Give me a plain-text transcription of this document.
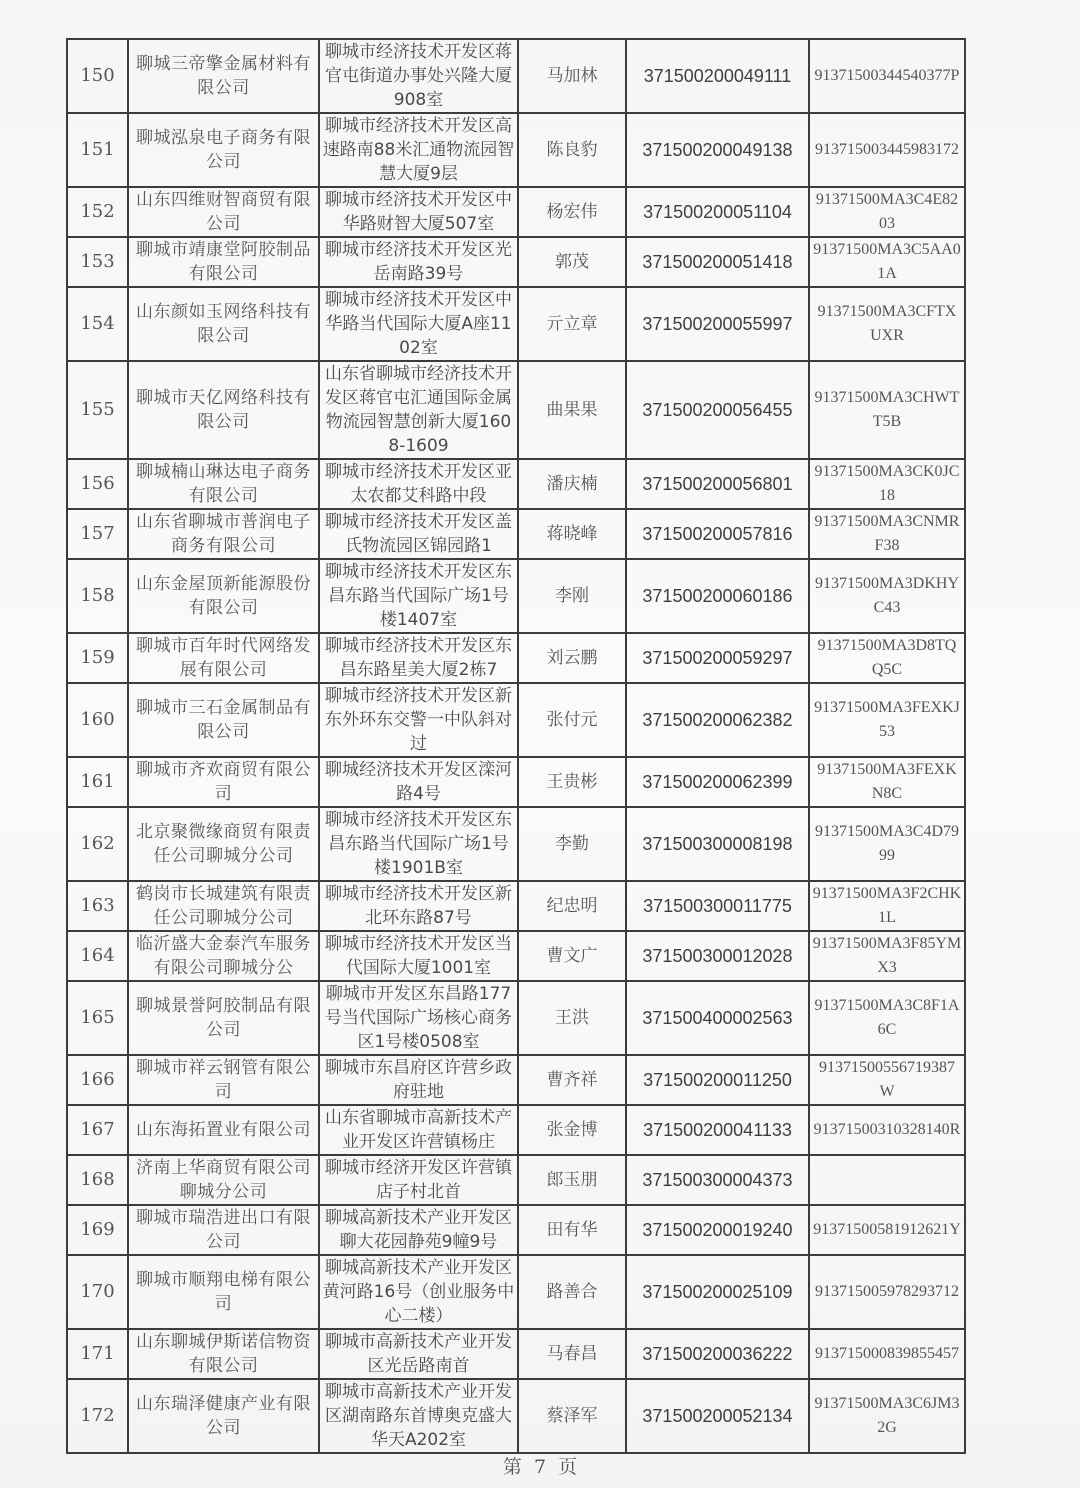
150	聊城三帝擎金属材料有限公司	聊城市经济技术开发区蒋官屯街道办事处兴隆大厦908室	马加林	371500200049111	91371500344540377P

151	聊城泓泉电子商务有限公司	聊城市经济技术开发区高速路南88米汇通物流园智慧大厦9层	陈良豹	371500200049138	913715003445983172

152	山东四维财智商贸有限公司	聊城市经济技术开发区中华路财智大厦507室	杨宏伟	371500200051104	91371500MA3C4E8203

153	聊城市靖康堂阿胶制品有限公司	聊城市经济技术开发区光岳南路39号	郭茂	371500200051418	91371500MA3C5AA01A

154	山东颜如玉网络科技有限公司	聊城市经济技术开发区中华路当代国际大厦A座1102室	亓立章	371500200055997	91371500MA3CFTXUXR

155	聊城市天亿网络科技有限公司	山东省聊城市经济技术开发区蒋官屯汇通国际金属物流园智慧创新大厦1608-1609	曲果果	371500200056455	91371500MA3CHWTT5B

156	聊城楠山琳达电子商务有限公司	聊城市经济技术开发区亚太农都艾科路中段	潘庆楠	371500200056801	91371500MA3CK0JC18

157	山东省聊城市普润电子商务有限公司	聊城市经济技术开发区盖氏物流园区锦园路1	蒋晓峰	371500200057816	91371500MA3CNMRF38

158	山东金屋顶新能源股份有限公司	聊城市经济技术开发区东昌东路当代国际广场1号楼1407室	李刚	371500200060186	91371500MA3DKHYC43

159	聊城市百年时代网络发展有限公司	聊城市经济技术开发区东昌东路星美大厦2栋7	刘云鹏	371500200059297	91371500MA3D8TQQ5C

160	聊城市三石金属制品有限公司	聊城市经济技术开发区新东外环东交警一中队斜对过	张付元	371500200062382	91371500MA3FEXKJ53

161	聊城市齐欢商贸有限公司	聊城经济技术开发区滦河路4号	王贵彬	371500200062399	91371500MA3FEXKN8C

162	北京聚微缘商贸有限责任公司聊城分公司	聊城市经济技术开发区东昌东路当代国际广场1号楼1901B室	李勤	371500300008198	91371500MA3C4D7999

163	鹤岗市长城建筑有限责任公司聊城分公司	聊城市经济技术开发区新北环东路87号	纪忠明	371500300011775	91371500MA3F2CHK1L

164	临沂盛大金泰汽车服务有限公司聊城分公	聊城市经济技术开发区当代国际大厦1001室	曹文广	371500300012028	91371500MA3F85YMX3

165	聊城景誉阿胶制品有限公司	聊城市开发区东昌路177号当代国际广场核心商务区1号楼0508室	王洪	371500400002563	91371500MA3C8F1A6C

166	聊城市祥云钢管有限公司	聊城市东昌府区许营乡政府驻地	曹齐祥	371500200011250	91371500556719387W

167	山东海拓置业有限公司	山东省聊城市高新技术产业开发区许营镇杨庄	张金博	371500200041133	91371500310328140R

168	济南上华商贸有限公司聊城分公司	聊城市经济开发区许营镇店子村北首	郎玉朋	371500300004373	

169	聊城市瑞浩进出口有限公司	聊城高新技术产业开发区聊大花园静苑9幢9号	田有华	371500200019240	91371500581912621Y

170	聊城市顺翔电梯有限公司	聊城高新技术产业开发区黄河路16号（创业服务中心二楼）	路善合	371500200025109	913715005978293712

171	山东聊城伊斯诺信物资有限公司	聊城市高新技术产业开发区光岳路南首	马春昌	371500200036222	913715000839855457

172	山东瑞泽健康产业有限公司	聊城市高新技术产业开发区湖南路东首博奥克盛大华天A202室	蔡泽军	371500200052134	91371500MA3C6JM32G
第 7 页
